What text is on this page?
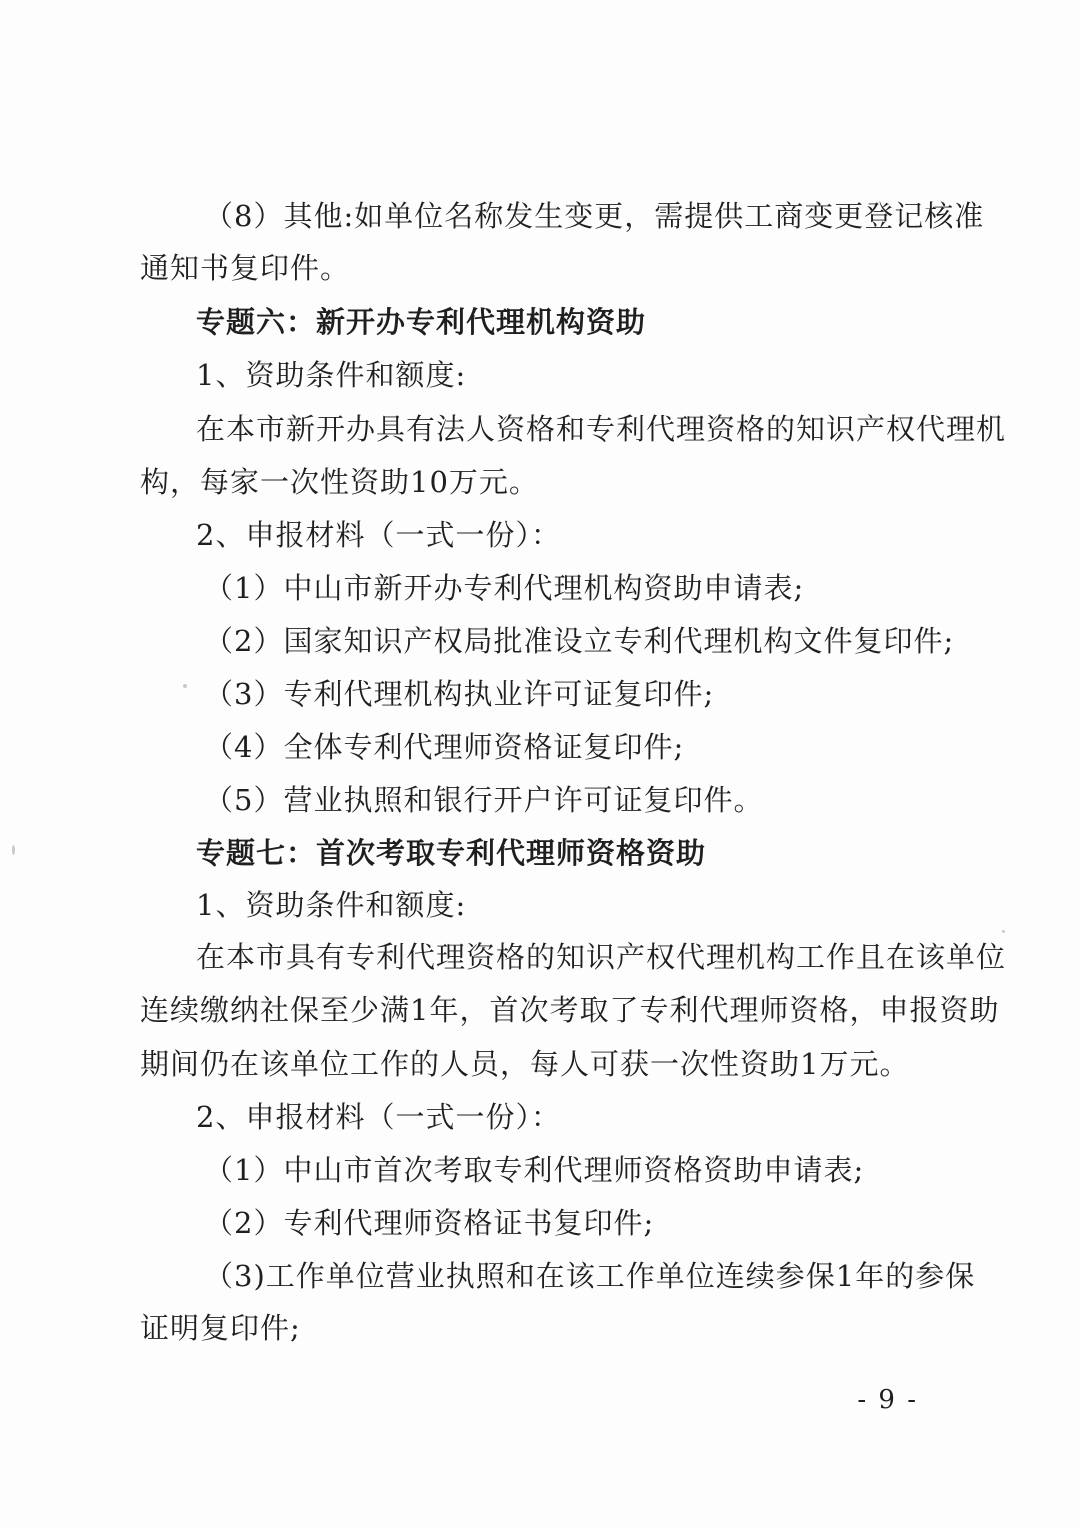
（8）其他:如单位名称发生变更，需提供工商变更登记核准
通知书复印件。
专题六：新开办专利代理机构资助
1、资助条件和额度:
在本市新开办具有法人资格和专利代理资格的知识产权代理机
构，每家一次性资助10万元。
2、申报材料（一式一份）：
（1）中山市新开办专利代理机构资助申请表;
（2）国家知识产权局批准设立专利代理机构文件复印件;
（3）专利代理机构执业许可证复印件;
（4）全体专利代理师资格证复印件;
（5）营业执照和银行开户许可证复印件。
专题七：首次考取专利代理师资格资助
1、资助条件和额度:
在本市具有专利代理资格的知识产权代理机构工作且在该单位
连续缴纳社保至少满1年，首次考取了专利代理师资格，申报资助
期间仍在该单位工作的人员，每人可获一次性资助1万元。
2、申报材料（一式一份）：
（1）中山市首次考取专利代理师资格资助申请表;
（2）专利代理师资格证书复印件;
（3)工作单位营业执照和在该工作单位连续参保1年的参保
证明复印件;
- 9 -
